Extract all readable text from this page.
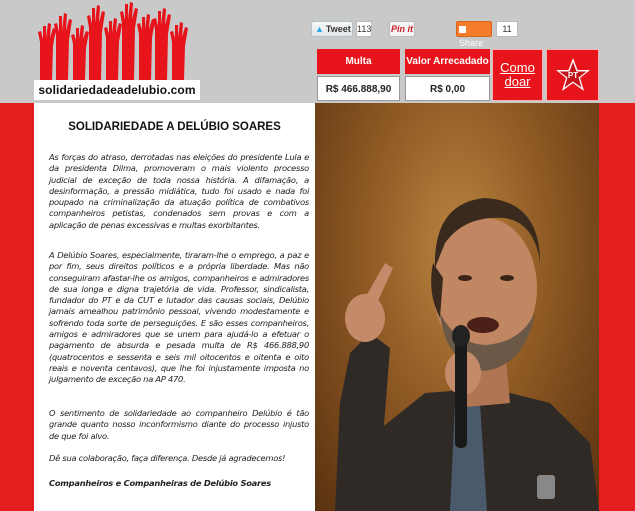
solidariedadeadelubio.com
▲ Tweet 113 Pin it
Share
11
Multa	Valor Arrecadado
R$ 466.888,90	R$ 0,00
Como doar	PT
SOLIDARIEDADE A DELÚBIO SOARES

As forças do atraso, derrotadas nas eleições do presidente Lula e da presidenta Dilma, promoveram o mais violento processo judicial de exceção de toda nossa história. A difamação, a desinformação, a pressão midiática, tudo foi usado e nada foi poupado na criminalização da atuação política de combativos companheiros petistas, condenados sem provas e com a aplicação de penas excessivas e multas exorbitantes.

A Delúbio Soares, especialmente, tiraram-lhe o emprego, a paz e por fim, seus direitos políticos e a própria liberdade. Mas não conseguiram afastar-lhe os amigos, companheiros e admiradores de sua longa e digna trajetória de vida. Professor, sindicalista, fundador do PT e da CUT e lutador das causas sociais, Delúbio jamais amealhou patrimônio pessoal, vivendo modestamente e sofrendo toda sorte de perseguições. E são esses companheiros, amigos e admiradores que se unem para ajudá-lo a efetuar o pagamento de absurda e pesada multa de R$ 466.888,90 (quatrocentos e sessenta e seis mil oitocentos e oitenta e oito reais e noventa centavos), que lhe foi injustamente imposta no julgamento de exceção na AP 470.

O sentimento de solidariedade ao companheiro Delúbio é tão grande quanto nosso inconformismo diante do processo injusto de que foi alvo.

Dê sua colaboração, faça diferença. Desde já agradecemos!

Companheiros e Companheiras de Delúbio Soares
